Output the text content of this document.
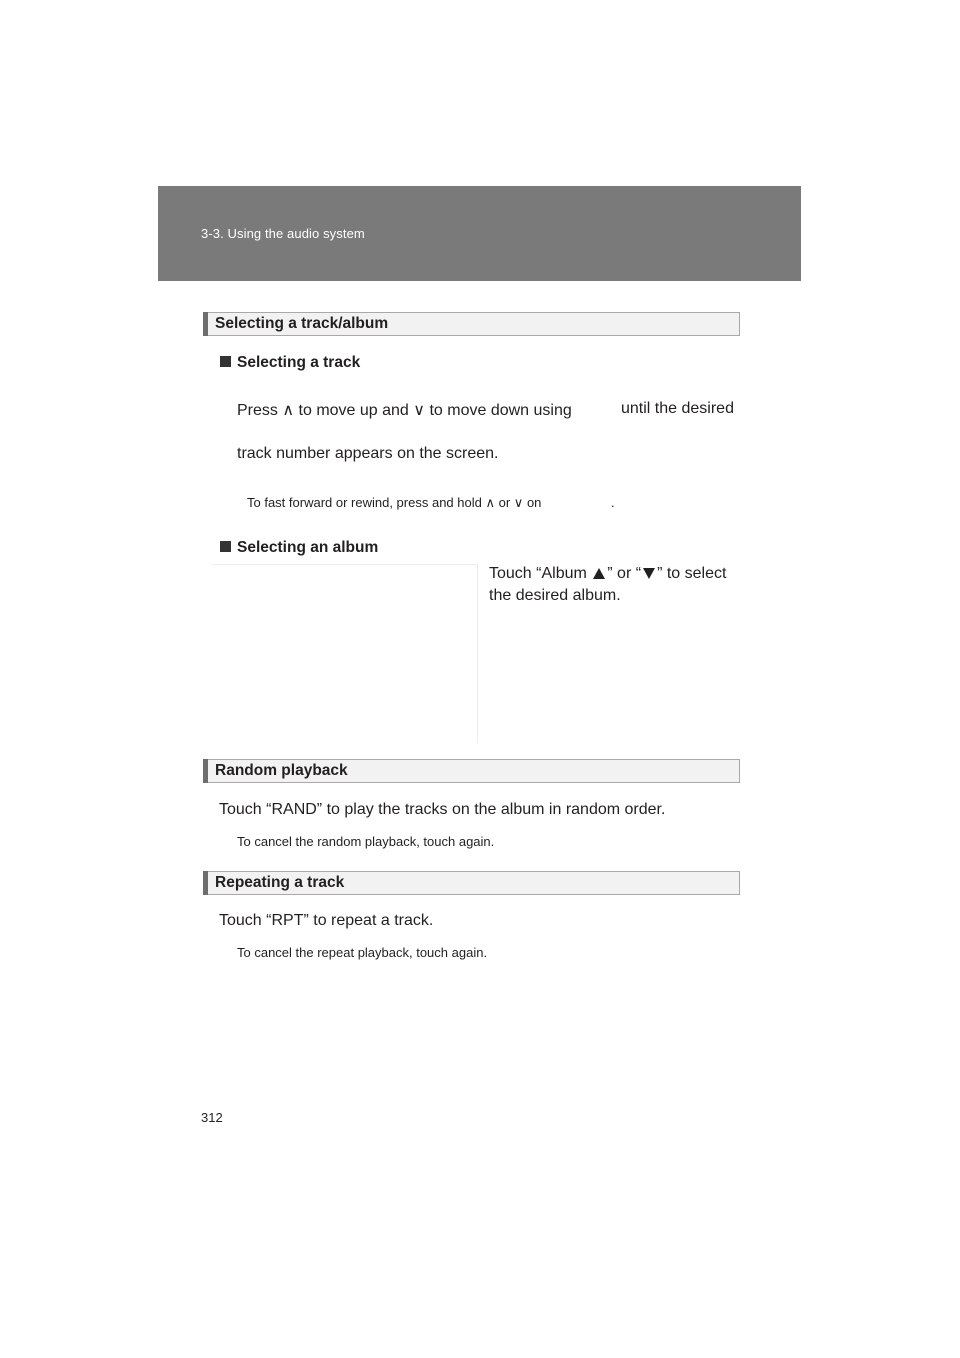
3-3. Using the audio system
Selecting a track/album
Selecting a track
Press ∧ to move up and ∨ to move down using	until the desired
track number appears on the screen.
To fast forward or rewind, press and hold ∧ or ∨ on	.
Selecting an album
Touch “Album ” or “ ” to select
the desired album.
Random playback
Touch “RAND” to play the tracks on the album in random order.
To cancel the random playback, touch again.
Repeating a track
Touch “RPT” to repeat a track.
To cancel the repeat playback, touch again.
312
